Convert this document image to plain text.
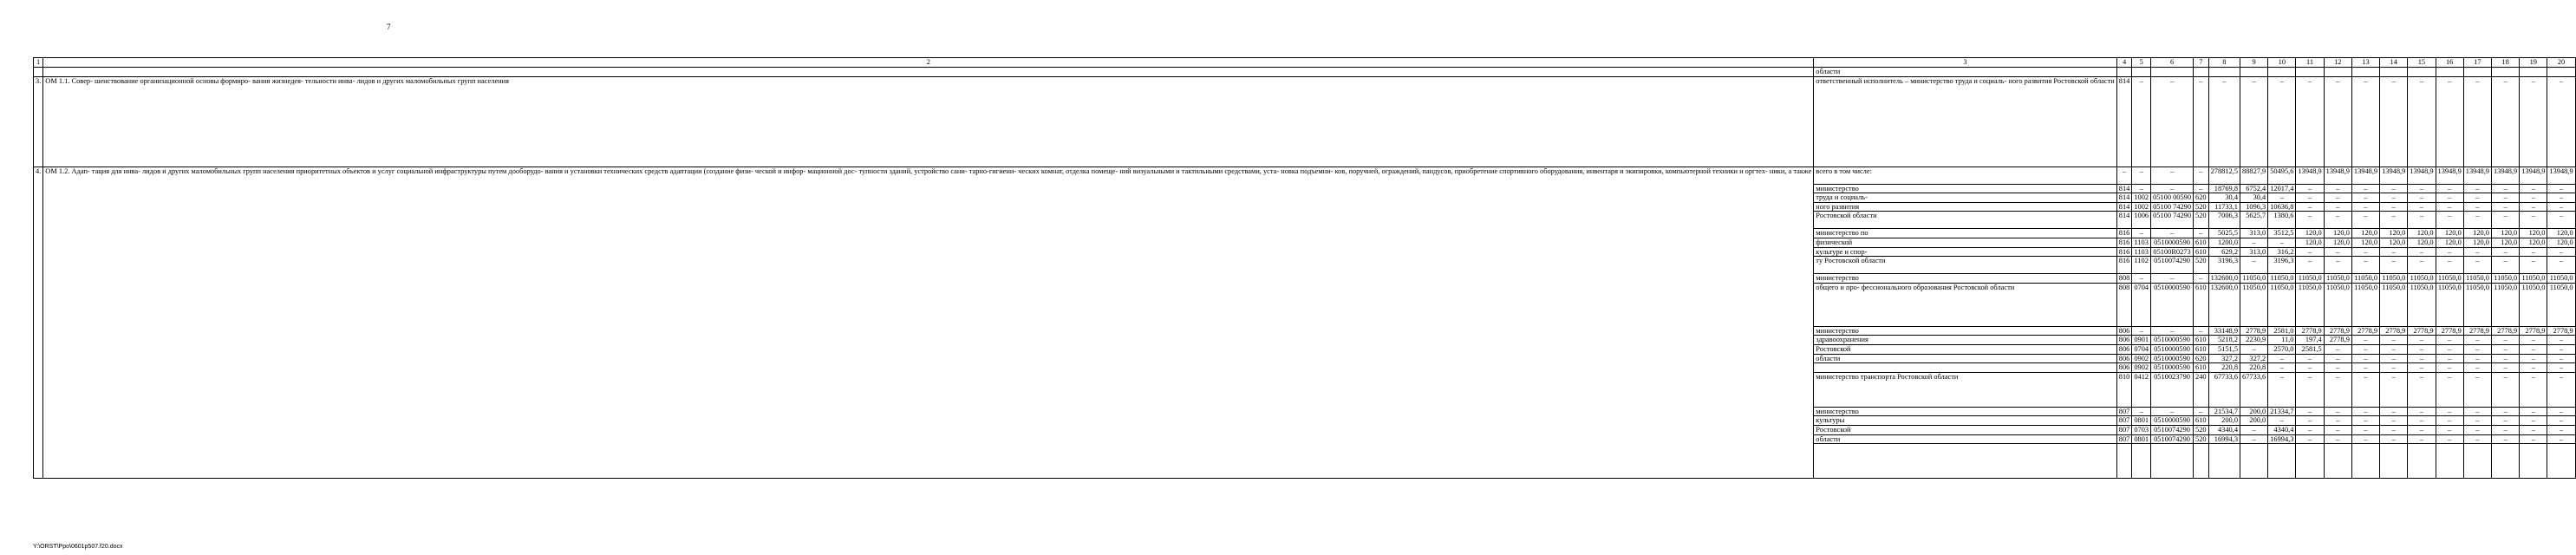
7
1	2	3	4	5	6	7	8	9	10	11	12	13	14	15	16	17	18	19	20
		области																	
3.	ОМ 1.1. Совер- шенствование организационной основы формиро- вания жизнедея- тельности инва- лидов и других маломобильных групп населения	ответственный исполнитель – министерство труда и социаль- ного развития Ростовской области	814	–	–	–	–	–	–	–	–	–	–	–	–	–	–	–	–
4.	ОМ 1.2. Адап- тация для инва- лидов и других маломобильных групп населения приоритетных объектов и услуг социальной инфраструктуры путем дооборудо- вания и установки технических средств адаптации (создание физи- ческой и инфор- мационной дос- тупности зданий, устройство сани- тарно-гигиени- ческих комнат, отделка помеще- ний визуальными и тактильными средствами, уста- новка подъемни- ков, поручней, ограждений, пандусов, приобретение спортивного оборудования, инвентаря и экипировки, компьютерной техники и оргтех- ники, а также	всего в том числе:	–	–	–	–	278812,5	88827,9	50495,6	13948,9	13948,9	13948,9	13948,9	13948,9	13948,9	13948,9	13948,9	13948,9	13948,9
		министерство	814	–	–	–	18769,8	6752,4	12017,4	–	–	–	–	–	–	–	–	–	–
		труда и социаль-	814	1002	05100 00590	620	30,4	30,4	–	–	–	–	–	–	–	–	–	–	–
		ного развития	814	1002	05100 74290	520	11733,1	1096,3	10636,8	–	–	–	–	–	–	–	–	–	–
		Ростовской области	814	1006	05100 74290	520	7006,3	5625,7	1380,6	–	–	–	–	–	–	–	–	–	–
		министерство по	816	–	–	–	5025,5	313,0	3512,5	120,0	120,0	120,0	120,0	120,0	120,0	120,0	120,0	120,0	120,0
		физической	816	1103	0510000590	610	1200,0	–	–	120,0	120,0	120,0	120,0	120,0	120,0	120,0	120,0	120,0	120,0
		культуре и спор-	816	1103	05100R0273	610	629,2	313,0	316,2	–	–	–	–	–	–	–	–	–	–
		ту Ростовской области	816	1102	0510074290	520	3196,3	–	3196,3	–	–	–	–	–	–	–	–	–	–
		министерство	808	–	–	–	132600,0	11050,0	11050,0	11050,0	11050,0	11050,0	11050,0	11050,0	11050,0	11050,0	11050,0	11050,0	11050,0
		общего и про- фессионального образования Ростовской области	808	0704	0510000590	610	132600,0	11050,0	11050,0	11050,0	11050,0	11050,0	11050,0	11050,0	11050,0	11050,0	11050,0	11050,0	11050,0
		министерство	806	–	–	–	33148,9	2778,9	2581,0	2778,9	2778,9	2778,9	2778,9	2778,9	2778,9	2778,9	2778,9	2778,9	2778,9
		здравоохранения	806	0901	0510000590	610	5218,2	2230,9	11,0	197,4	2778,9	–	–	–	–	–	–	–	–
		Ростовской	806	0704	0510000590	610	5151,5	–	2570,0	2581,5	–	–	–	–	–	–	–	–	–
		области	806	0902	0510000590	620	327,2	327,2	–	–	–	–	–	–	–	–	–	–	–
			806	0902	0510000590	610	220,8	220,8	–	–	–	–	–	–	–	–	–	–	–
		министерство транспорта Ростовской области	810	0412	0510023790	240	67733,6	67733,6	–	–	–	–	–	–	–	–	–	–	–
		министерство	807	–	–	–	21534,7	200,0	21334,7	–	–	–	–	–	–	–	–	–	–
		культуры	807	0801	0510000590	610	200,0	200,0	–	–	–	–	–	–	–	–	–	–	–
		Ростовской	807	0703	0510074290	520	4340,4	–	4340,4	–	–	–	–	–	–	–	–	–	–
		области	807	0801	0510074290	520	16994,3	–	16994,3	–	–	–	–	–	–	–	–	–	–

Y:\ORST\Ppo\0601p507.f20.docx
